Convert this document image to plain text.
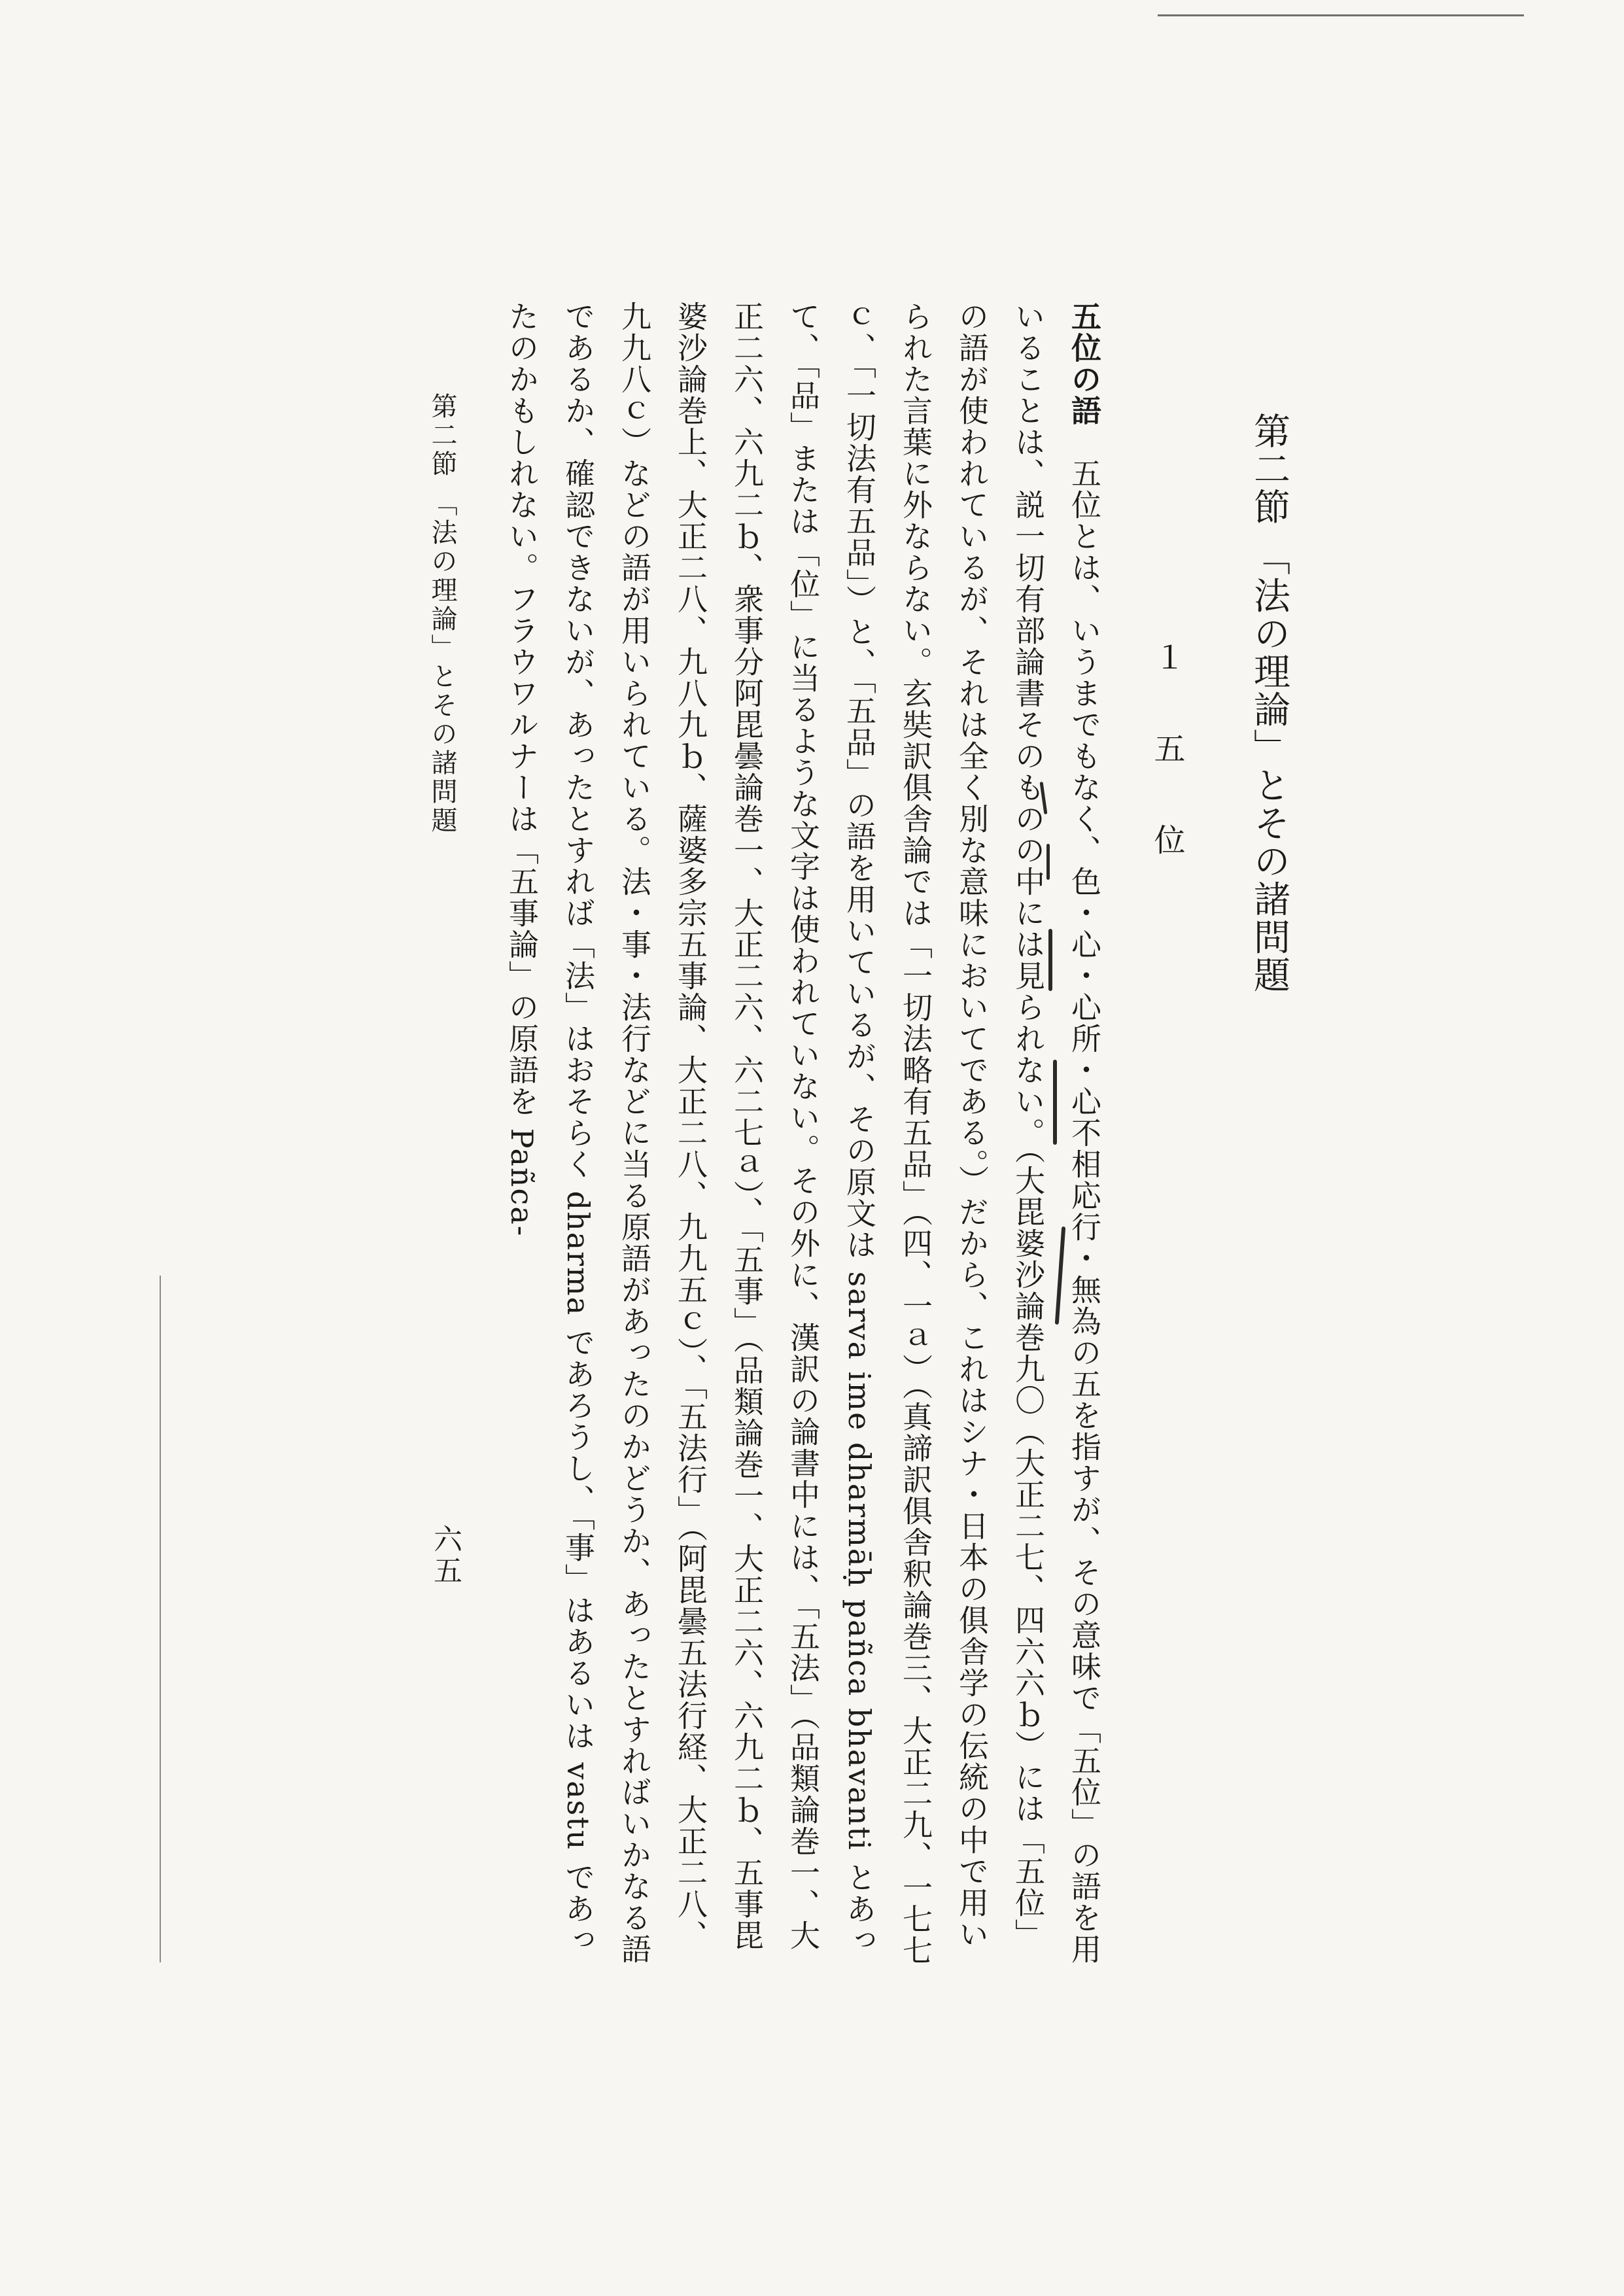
第二節 「法の理論」とその諸問題
１ 五 位

五位の語　五位とは、いうまでもなく、色・心・心所・心不相応行・無為の五を指すが、その意味で「五位」の語を用いることは、説一切有部論書そのものの中には見られない。（大毘婆沙論巻九〇（大正二七、四六六ｂ）には「五位」の語が使われているが、それは全く別な意味においてである。）だから、これはシナ・日本の俱舎学の伝統の中で用いられた言葉に外ならない。玄奘訳俱舎論では「一切法略有五品」（四、一ａ）（真諦訳俱舎釈論巻三、大正二九、一七七ｃ、「一切法有五品」）と、「五品」の語を用いているが、その原文は sarva ime dharmāḥ pañca bhavanti とあって、「品」または「位」に当るような文字は使われていない。その外に、漢訳の論書中には、「五法」（品類論巻一、大正二六、六九二ｂ、衆事分阿毘曇論巻一、大正二六、六二七ａ）、「五事」（品類論巻一、大正二六、六九二ｂ、五事毘婆沙論巻上、大正二八、九八九ｂ、薩婆多宗五事論、大正二八、九九五ｃ）、「五法行」（阿毘曇五法行経、大正二八、九九八ｃ）などの語が用いられている。法・事・法行などに当る原語があったのかどうか、あったとすればいかなる語であるか、確認できないが、あったとすれば「法」はおそらく dharma であろうし、「事」はあるいは vastu であったのかもしれない。フラウワルナーは「五事論」の原語を Pañca-

第二節 「法の理論」とその諸問題
六五
